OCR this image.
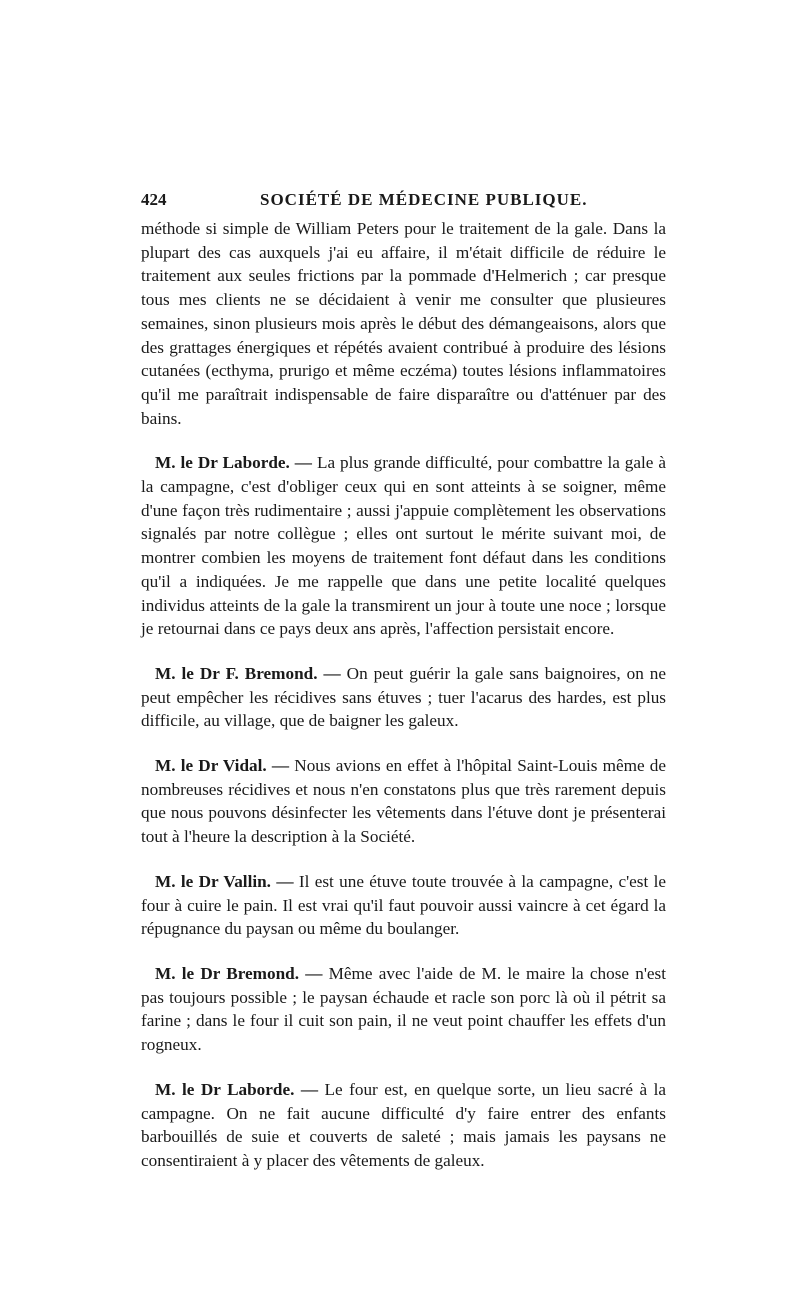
424	SOCIÉTÉ DE MÉDECINE PUBLIQUE.

méthode si simple de William Peters pour le traitement de la gale. Dans la plupart des cas auxquels j'ai eu affaire, il m'était difficile de réduire le traitement aux seules frictions par la pommade d'Helmerich ; car presque tous mes clients ne se décidaient à venir me consulter que plusieures semaines, sinon plusieurs mois après le début des démangeaisons, alors que des grattages énergiques et répétés avaient contribué à produire des lésions cutanées (ecthyma, prurigo et même eczéma) toutes lésions inflammatoires qu'il me paraîtrait indispensable de faire disparaître ou d'atténuer par des bains.

M. le Dr Laborde. — La plus grande difficulté, pour combattre la gale à la campagne, c'est d'obliger ceux qui en sont atteints à se soigner, même d'une façon très rudimentaire ; aussi j'appuie complètement les observations signalés par notre collègue ; elles ont surtout le mérite suivant moi, de montrer combien les moyens de traitement font défaut dans les conditions qu'il a indiquées. Je me rappelle que dans une petite localité quelques individus atteints de la gale la transmirent un jour à toute une noce ; lorsque je retournai dans ce pays deux ans après, l'affection persistait encore.

M. le Dr F. Bremond. — On peut guérir la gale sans baignoires, on ne peut empêcher les récidives sans étuves ; tuer l'acarus des hardes, est plus difficile, au village, que de baigner les galeux.

M. le Dr Vidal. — Nous avions en effet à l'hôpital Saint-Louis même de nombreuses récidives et nous n'en constatons plus que très rarement depuis que nous pouvons désinfecter les vêtements dans l'étuve dont je présenterai tout à l'heure la description à la Société.

M. le Dr Vallin. — Il est une étuve toute trouvée à la campagne, c'est le four à cuire le pain. Il est vrai qu'il faut pouvoir aussi vaincre à cet égard la répugnance du paysan ou même du boulanger.

M. le Dr Bremond. — Même avec l'aide de M. le maire la chose n'est pas toujours possible ; le paysan échaude et racle son porc là où il pétrit sa farine ; dans le four il cuit son pain, il ne veut point chauffer les effets d'un rogneux.

M. le Dr Laborde. — Le four est, en quelque sorte, un lieu sacré à la campagne. On ne fait aucune difficulté d'y faire entrer des enfants barbouillés de suie et couverts de saleté ; mais jamais les paysans ne consentiraient à y placer des vêtements de galeux.
